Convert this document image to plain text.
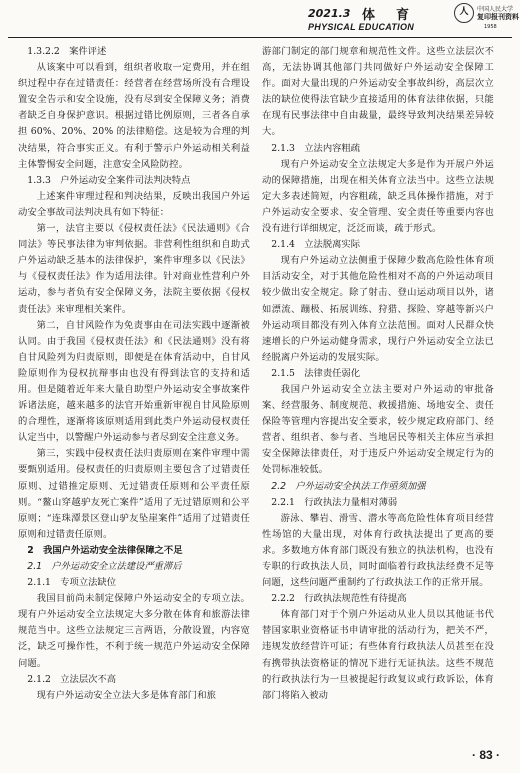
2021.3 体　育
PHYSICAL EDUCATION
人	中国人民大学
复印报刊资料
1958
1.3.2.2　案件评述
从该案中可以看到，组织者收取一定费用，并在组织过程中存在过错责任：经营者在经营场所没有合理设置安全告示和安全设施，没有尽到安全保障义务；消费者缺乏自身保护意识。根据过错比例原则，三者各自承担 60%、20%、20% 的法律赔偿。这是较为合理的判决结果，符合事实正义。有利于警示户外运动相关利益主体警惕安全问题，注意安全风险防控。
1.3.3　户外运动安全案件司法判决特点
上述案件审理过程和判决结果，反映出我国户外运动安全事故司法判决具有如下特征：
第一，法官主要以《侵权责任法》《民法通则》《合同法》等民事法律为审判依据。非营利性组织和自助式户外运动缺乏基本的法律保护，案件审理多以《民法》与《侵权责任法》作为适用法律。针对商业性营利户外运动，参与者负有安全保障义务，法院主要依据《侵权责任法》来审理相关案件。
第二，自甘风险作为免责事由在司法实践中逐渐被认同。由于我国《侵权责任法》和《民法通则》没有将自甘风险列为归责原则，即便是在体育活动中，自甘风险原则作为侵权抗辩事由也没有得到法官的支持和适用。但是随着近年来大量自助型户外运动安全事故案件诉诸法庭，越来越多的法官开始重新审视自甘风险原则的合理性，逐渐将该原则适用到此类户外运动侵权责任认定当中，以警醒户外运动参与者尽到安全注意义务。
第三，实践中侵权责任法归责原则在案件审理中需要甄别适用。侵权责任的归责原则主要包含了过错责任原则、过错推定原则、无过错责任原则和公平责任原则。“鳌山穿越驴友死亡案件”适用了无过错原则和公平原则；“连珠潭景区登山驴友坠崖案件”适用了过错责任原则和过错责任原则。
2　我国户外运动安全法律保障之不足
2.1　户外运动安全立法建设严重滞后
2.1.1　专项立法缺位
我国目前尚未制定保障户外运动安全的专项立法。现有户外运动安全立法规定大多分散在体育和旅游法律规范当中。这些立法规定三言两语，分散设置，内容宽泛，缺乏可操作性，不利于统一规范户外运动安全保障问题。
2.1.2　立法层次不高
现有户外运动安全立法大多是体育部门和旅
游部门制定的部门规章和规范性文件。这些立法层次不高，无法协调其他部门共同做好户外运动安全保障工作。面对大量出现的户外运动安全事故纠纷，高层次立法的缺位使得法官缺少直接适用的体育法律依据，只能在现有民事法律中自由裁量，最终导致判决结果差异较大。
2.1.3　立法内容粗疏
现有户外运动安全立法规定大多是作为开展户外运动的保障措施，出现在相关体育立法当中。这些立法规定大多表述简短，内容粗疏，缺乏具体操作措施，对于户外运动安全要求、安全管理、安全责任等重要内容也没有进行详细规定，泛泛而谈，疏于形式。
2.1.4　立法脱离实际
现有户外运动立法侧重于保障少数高危险性体育项目活动安全，对于其他危险性相对不高的户外运动项目较少做出安全规定。除了射击、登山运动项目以外，诸如漂流、蹦极、拓展训练、狩猎、探险、穿越等新兴户外运动项目都没有列入体育立法范围。面对人民群众快速增长的户外运动健身需求，现行户外运动安全立法已经脱离户外运动的发展实际。
2.1.5　法律责任弱化
我国户外运动安全立法主要对户外运动的审批备案、经营服务、制度规范、救援措施、场地安全、责任保险等管理内容提出安全要求，较少规定政府部门、经营者、组织者、参与者、当地居民等相关主体应当承担安全保障法律责任，对于违反户外运动安全规定行为的处罚标准较低。
2.2　户外运动安全执法工作亟须加强
2.2.1　行政执法力量相对薄弱
游泳、攀岩、滑雪、潜水等高危险性体育项目经营性场馆的大量出现，对体育行政执法提出了更高的要求。多数地方体育部门既没有独立的执法机构，也没有专职的行政执法人员，同时面临着行政执法经费不足等问题，这些问题严重制约了行政执法工作的正常开展。
2.2.2　行政执法规范性有待提高
体育部门对于个别户外运动从业人员以其他证书代替国家职业资格证书申请审批的活动行为，把关不严，违规发放经营许可证；有些体育行政执法人员甚至在没有携带执法资格证的情况下进行无证执法。这些不规范的行政执法行为一旦被提起行政复议或行政诉讼，体育部门将陷入被动
· 83 ·
